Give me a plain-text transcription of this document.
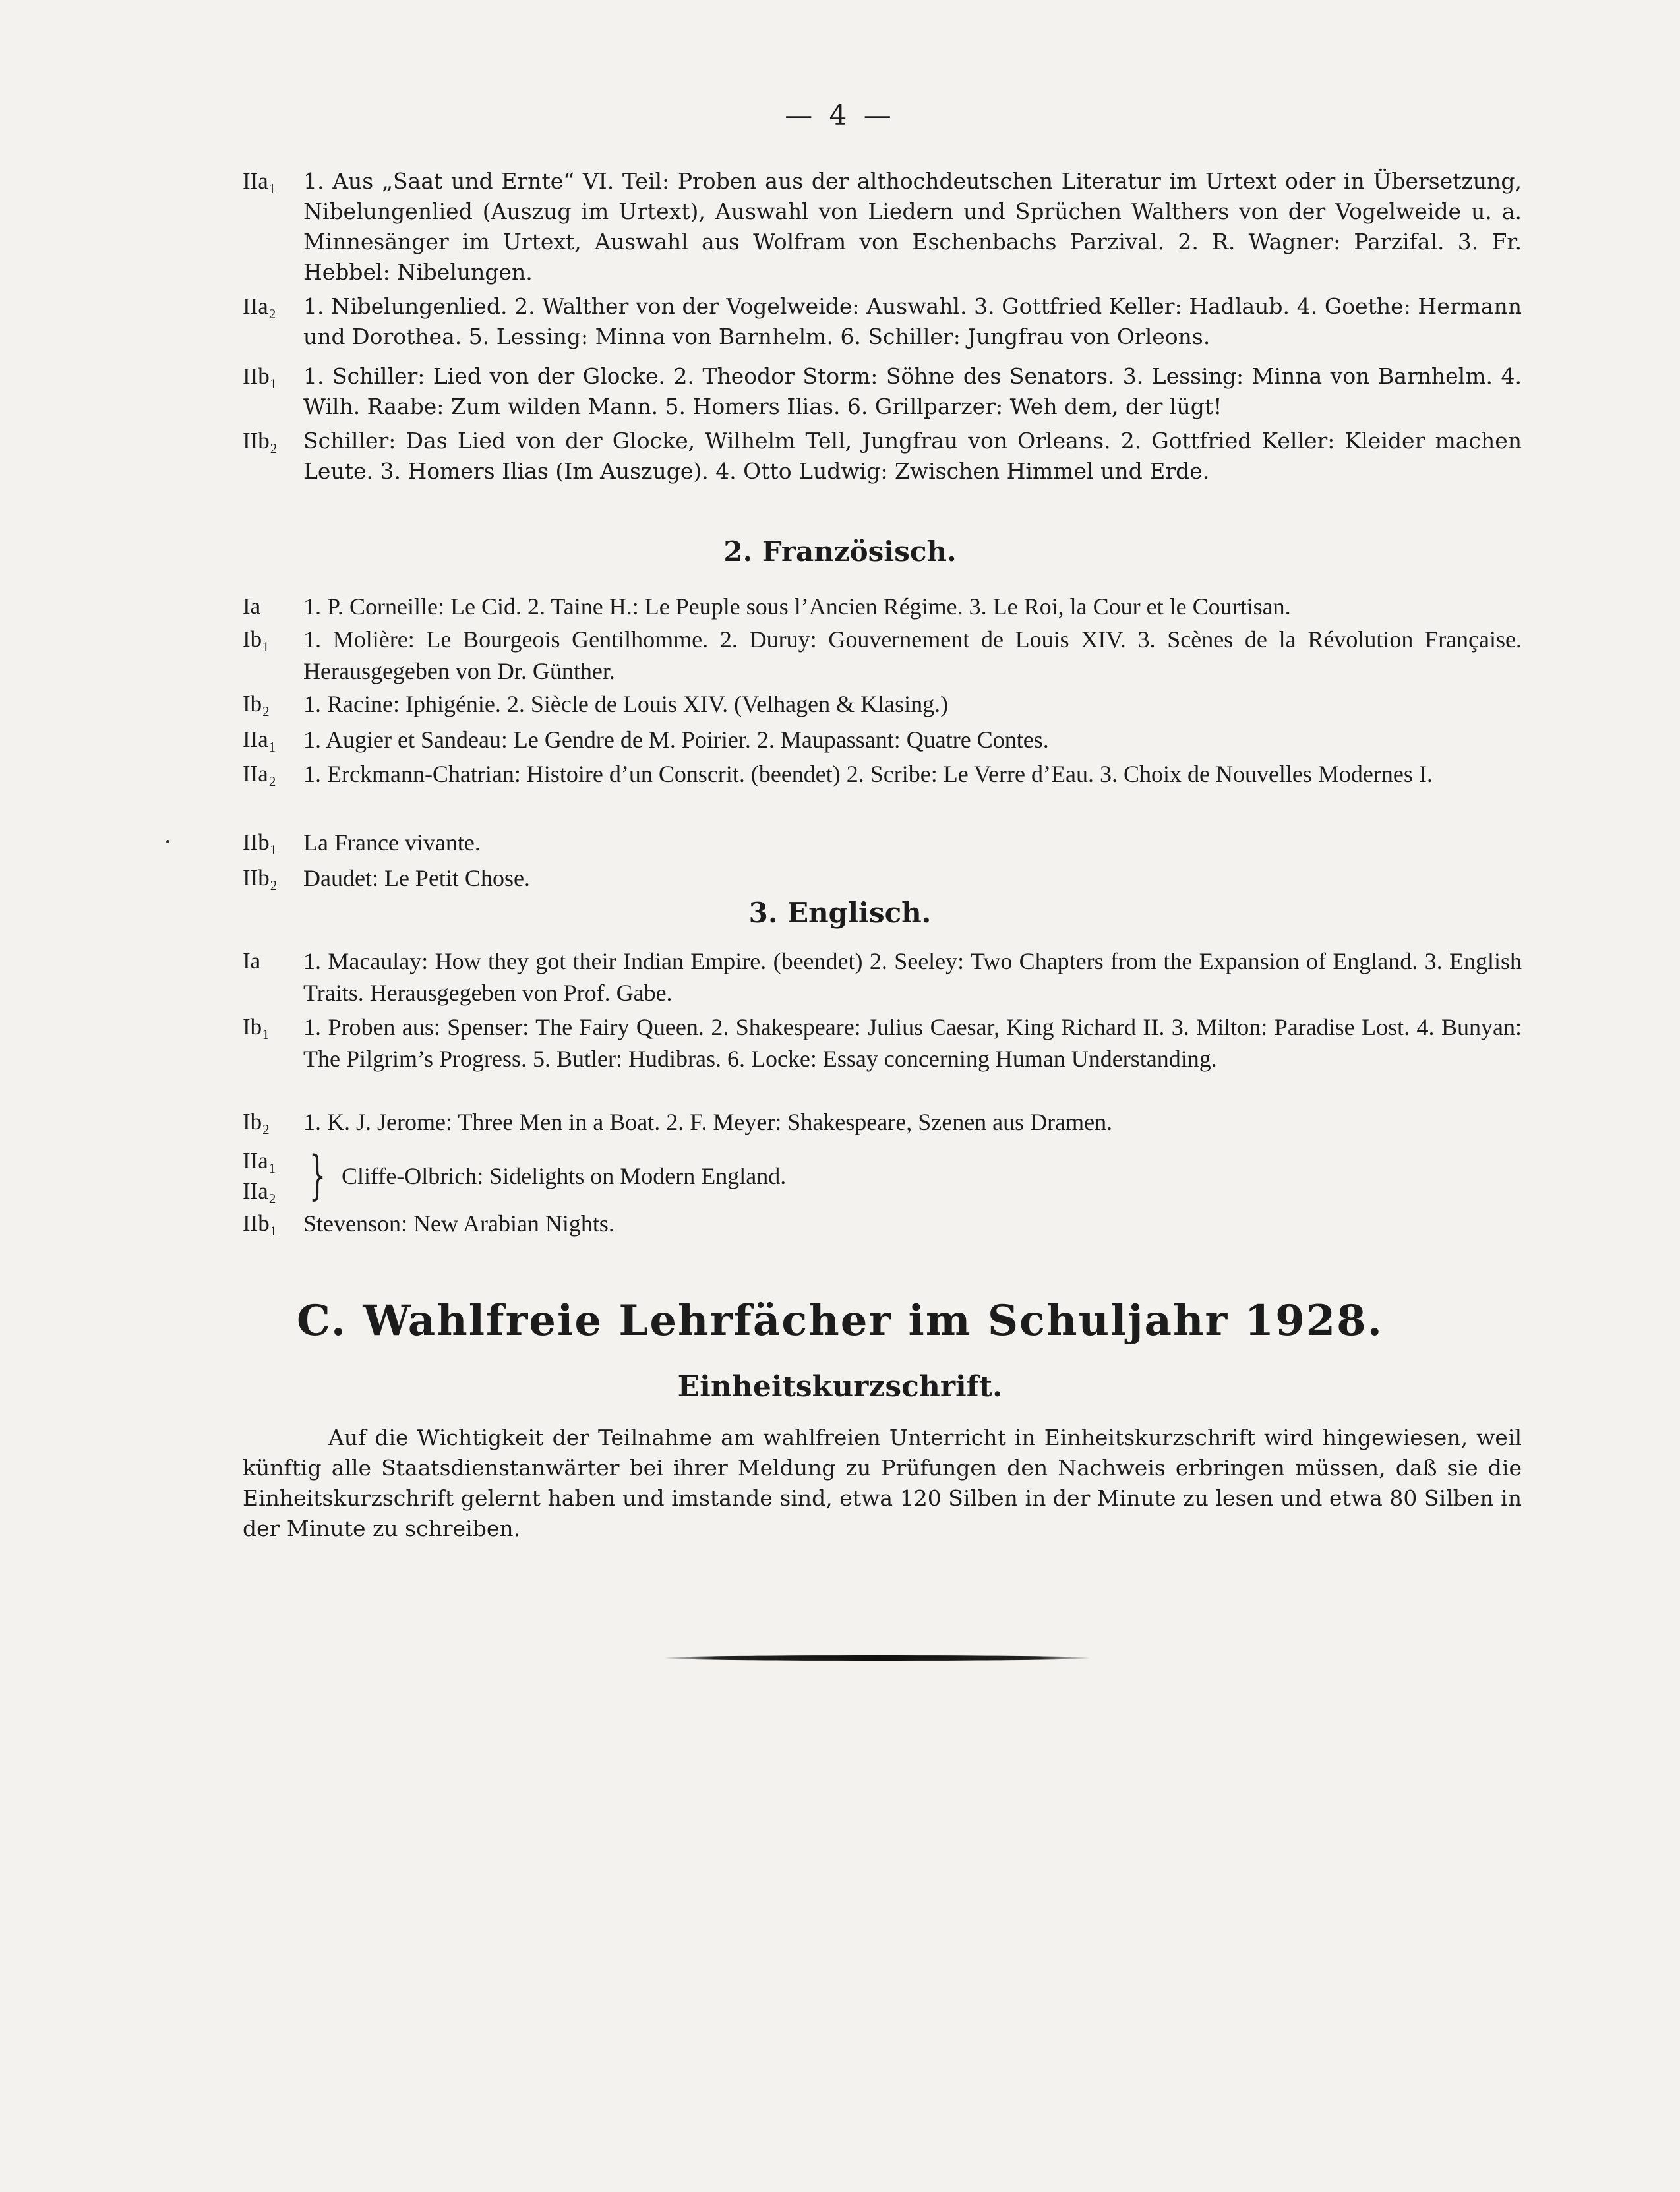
— 4 —
IIa₁	1. Aus „Saat und Ernte“ VI. Teil: Proben aus der althochdeutschen Literatur im Urtext oder in Übersetzung, Nibelungenlied (Auszug im Urtext), Auswahl von Liedern und Sprüchen Walthers von der Vogelweide u. a. Minnesänger im Urtext, Auswahl aus Wolfram von Eschenbachs Parzival. 2. R. Wagner: Parzifal. 3. Fr. Hebbel: Nibelungen.
IIa₂	1. Nibelungenlied. 2. Walther von der Vogelweide: Auswahl. 3. Gottfried Keller: Hadlaub. 4. Goethe: Hermann und Dorothea. 5. Lessing: Minna von Barnhelm. 6. Schiller: Jungfrau von Orleons.
IIb₁	1. Schiller: Lied von der Glocke. 2. Theodor Storm: Söhne des Senators. 3. Lessing: Minna von Barnhelm. 4. Wilh. Raabe: Zum wilden Mann. 5. Homers Ilias. 6. Grillparzer: Weh dem, der lügt!
IIb₂	Schiller: Das Lied von der Glocke, Wilhelm Tell, Jungfrau von Orleans. 2. Gottfried Keller: Kleider machen Leute. 3. Homers Ilias (Im Auszuge). 4. Otto Ludwig: Zwischen Himmel und Erde.
2. Französisch.
Ia	1. P. Corneille: Le Cid. 2. Taine H.: Le Peuple sous l’Ancien Régime. 3. Le Roi, la Cour et le Courtisan.
Ib₁	1. Molière: Le Bourgeois Gentilhomme. 2. Duruy: Gouvernement de Louis XIV. 3. Scènes de la Révolution Française. Herausgegeben von Dr. Günther.
Ib₂	1. Racine: Iphigénie. 2. Siècle de Louis XIV. (Velhagen & Klasing.)
IIa₁	1. Augier et Sandeau: Le Gendre de M. Poirier. 2. Maupassant: Quatre Contes.
IIa₂	1. Erckmann-Chatrian: Histoire d’un Conscrit. (beendet) 2. Scribe: Le Verre d’Eau. 3. Choix de Nouvelles Modernes I.
IIb₁	La France vivante.
IIb₂	Daudet: Le Petit Chose.
3. Englisch.
Ia	1. Macaulay: How they got their Indian Empire. (beendet) 2. Seeley: Two Chapters from the Expansion of England. 3. English Traits. Herausgegeben von Prof. Gabe.
Ib₁	1. Proben aus: Spenser: The Fairy Queen. 2. Shakespeare: Julius Caesar, King Richard II. 3. Milton: Paradise Lost. 4. Bunyan: The Pilgrim’s Progress. 5. Butler: Hudibras. 6. Locke: Essay concerning Human Understanding.
Ib₂	1. K. J. Jerome: Three Men in a Boat. 2. F. Meyer: Shakespeare, Szenen aus Dramen.
IIa₁
IIa₂ } Cliffe-Olbrich: Sidelights on Modern England.
IIb₁	Stevenson: New Arabian Nights.
C. Wahlfreie Lehrfächer im Schuljahr 1928.
Einheitskurzschrift.
Auf die Wichtigkeit der Teilnahme am wahlfreien Unterricht in Einheitskurzschrift wird hingewiesen, weil künftig alle Staatsdienstanwärter bei ihrer Meldung zu Prüfungen den Nachweis erbringen müssen, daß sie die Einheitskurzschrift gelernt haben und imstande sind, etwa 120 Silben in der Minute zu lesen und etwa 80 Silben in der Minute zu schreiben.
